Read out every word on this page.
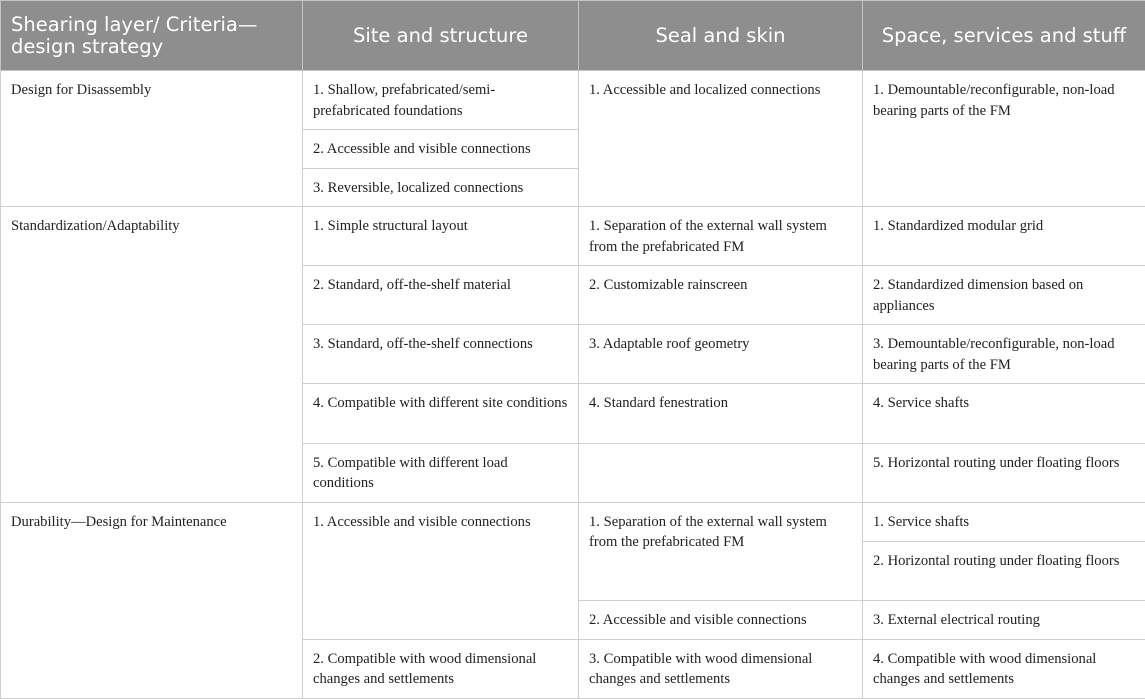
Shearing layer/ Criteria—design strategy	Site and structure	Seal and skin	Space, services and stuff
Design for Disassembly	1. Shallow, prefabricated/semi-prefabricated foundations	1. Accessible and localized connections	1. Demountable/reconfigurable, non-load bearing parts of the FM
	2. Accessible and visible connections		
	3. Reversible, localized connections		
Standardization/Adaptability	1. Simple structural layout	1. Separation of the external wall system from the prefabricated FM	1. Standardized modular grid
	2. Standard, off-the-shelf material	2. Customizable rainscreen	2. Standardized dimension based on appliances
	3. Standard, off-the-shelf connections	3. Adaptable roof geometry	3. Demountable/reconfigurable, non-load bearing parts of the FM
	4. Compatible with different site conditions	4. Standard fenestration	4. Service shafts
	5. Compatible with different load conditions		5. Horizontal routing under floating floors
Durability—Design for Maintenance	1. Accessible and visible connections	1. Separation of the external wall system from the prefabricated FM	1. Service shafts
			2. Horizontal routing under floating floors
		2. Accessible and visible connections	3. External electrical routing
	2. Compatible with wood dimensional changes and settlements	3. Compatible with wood dimensional changes and settlements	4. Compatible with wood dimensional changes and settlements
